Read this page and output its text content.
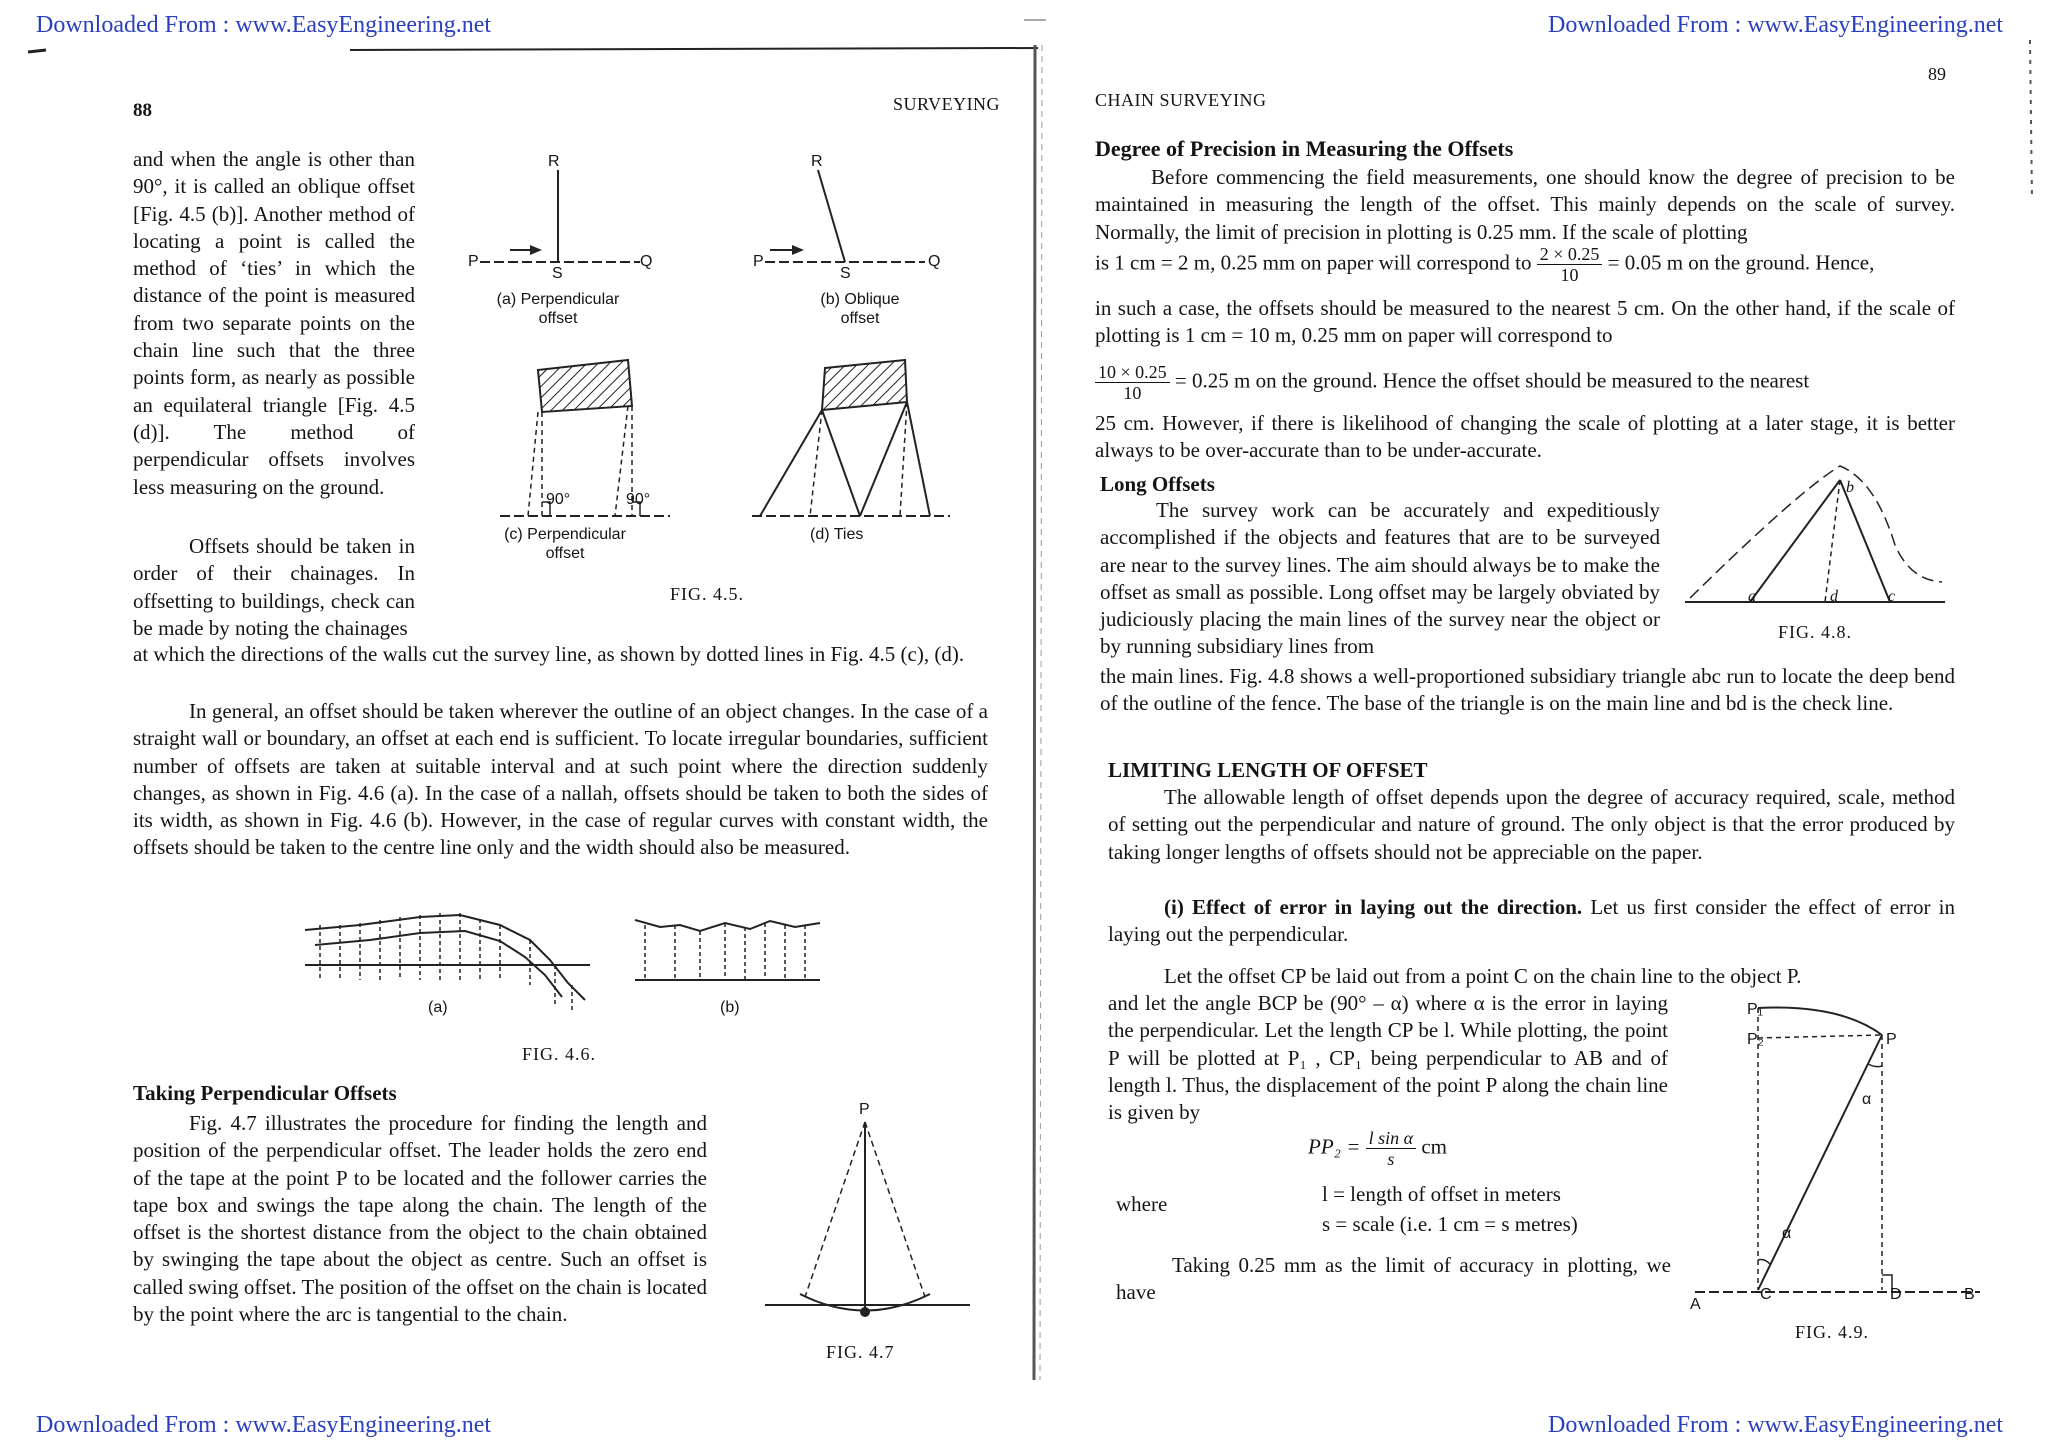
Downloaded From : www.EasyEngineering.net	Downloaded From : www.EasyEngineering.net
Downloaded From : www.EasyEngineering.net	Downloaded From : www.EasyEngineering.net
88	SURVEYING

and when the angle is other than 90°, it is called an oblique offset [Fig. 4.5 (b)]. Another method of locating a point is called the method of ‘ties’ in which the distance of the point is measured from two separate points on the chain line such that the three points form, as nearly as possible an equilateral triangle [Fig. 4.5 (d)]. The method of perpendicular offsets involves less measuring on the ground.

Offsets should be taken in order of their chainages. In offsetting to buildings, check can be made by noting the chainages

at which the directions of the walls cut the survey line, as shown by dotted lines in Fig. 4.5 (c), (d).

In general, an offset should be taken wherever the outline of an object changes. In the case of a straight wall or boundary, an offset at each end is sufficient. To locate irregular boundaries, sufficient number of offsets are taken at suitable interval and at such point where the direction suddenly changes, as shown in Fig. 4.6 (a). In the case of a nallah, offsets should be taken to both the sides of its width, as shown in Fig. 4.6 (b). However, in the case of regular curves with constant width, the offsets should be taken to the centre line only and the width should also be measured.

R	R
P
S
Q	P
S
Q
(a) Perpendicular offset
(b) Oblique offset
90°	90°
(c) Perpendicular offset
(d) Ties
FIG. 4.5.
(a)	(b)
FIG. 4.6.
Taking Perpendicular Offsets

Fig. 4.7 illustrates the procedure for finding the length and position of the perpendicular offset. The leader holds the zero end of the tape at the point P to be located and the follower carries the tape box and swings the tape along the chain. The length of the offset is the shortest distance from the object to the chain obtained by swinging the tape about the object as centre. Such an offset is called swing offset. The position of the offset on the chain is located by the point where the arc is tangential to the chain.

P
FIG. 4.7
89
CHAIN SURVEYING
Degree of Precision in Measuring the Offsets

Before commencing the field measurements, one should know the degree of precision to be maintained in measuring the length of the offset. This mainly depends on the scale of survey. Normally, the limit of precision in plotting is 0.25 mm. If the scale of plotting

is 1 cm = 2 m, 0.25 mm on paper will correspond to $\frac{2 \times 0.25}{10} = 0.05$ m on the ground. Hence,

in such a case, the offsets should be measured to the nearest 5 cm. On the other hand, if the scale of plotting is 1 cm = 10 m, 0.25 mm on paper will correspond to

$\frac{10 \times 0.25}{10} = 0.25$ m on the ground. Hence the offset should be measured to the nearest

25 cm. However, if there is likelihood of changing the scale of plotting at a later stage, it is better always to be over-accurate than to be under-accurate.

Long Offsets

The survey work can be accurately and expeditiously accomplished if the objects and features that are to be surveyed are near to the survey lines. The aim should always be to make the offset as small as possible. Long offset may be largely obviated by judiciously placing the main lines of the survey near the object or by running subsidiary lines from

the main lines. Fig. 4.8 shows a well-proportioned subsidiary triangle abc run to locate the deep bend of the outline of the fence. The base of the triangle is on the main line and bd is the check line.

a
b
c
d
FIG. 4.8.
LIMITING LENGTH OF OFFSET

The allowable length of offset depends upon the degree of accuracy required, scale, method of setting out the perpendicular and nature of ground. The only object is that the error produced by taking longer lengths of offsets should not be appreciable on the paper.

(i) Effect of error in laying out the direction. Let us first consider the effect of error in laying out the perpendicular.

Let the offset CP be laid out from a point C on the chain line to the object P.

and let the angle BCP be (90° – α) where α is the error in laying the perpendicular. Let the length CP be l. While plotting, the point P will be plotted at P₁ , CP₁ being perpendicular to AB and of length l. Thus, the displacement of the point P along the chain line is given by

$PP_2 = \frac{\text{l sin α}}{s}$ cm
where	l = length of offset in meters
s = scale (i.e. 1 cm = s metres)

Taking 0.25 mm as the limit of accuracy in plotting, we have

P₁
P₂	P
α
α
A
C	D	B
FIG. 4.9.
